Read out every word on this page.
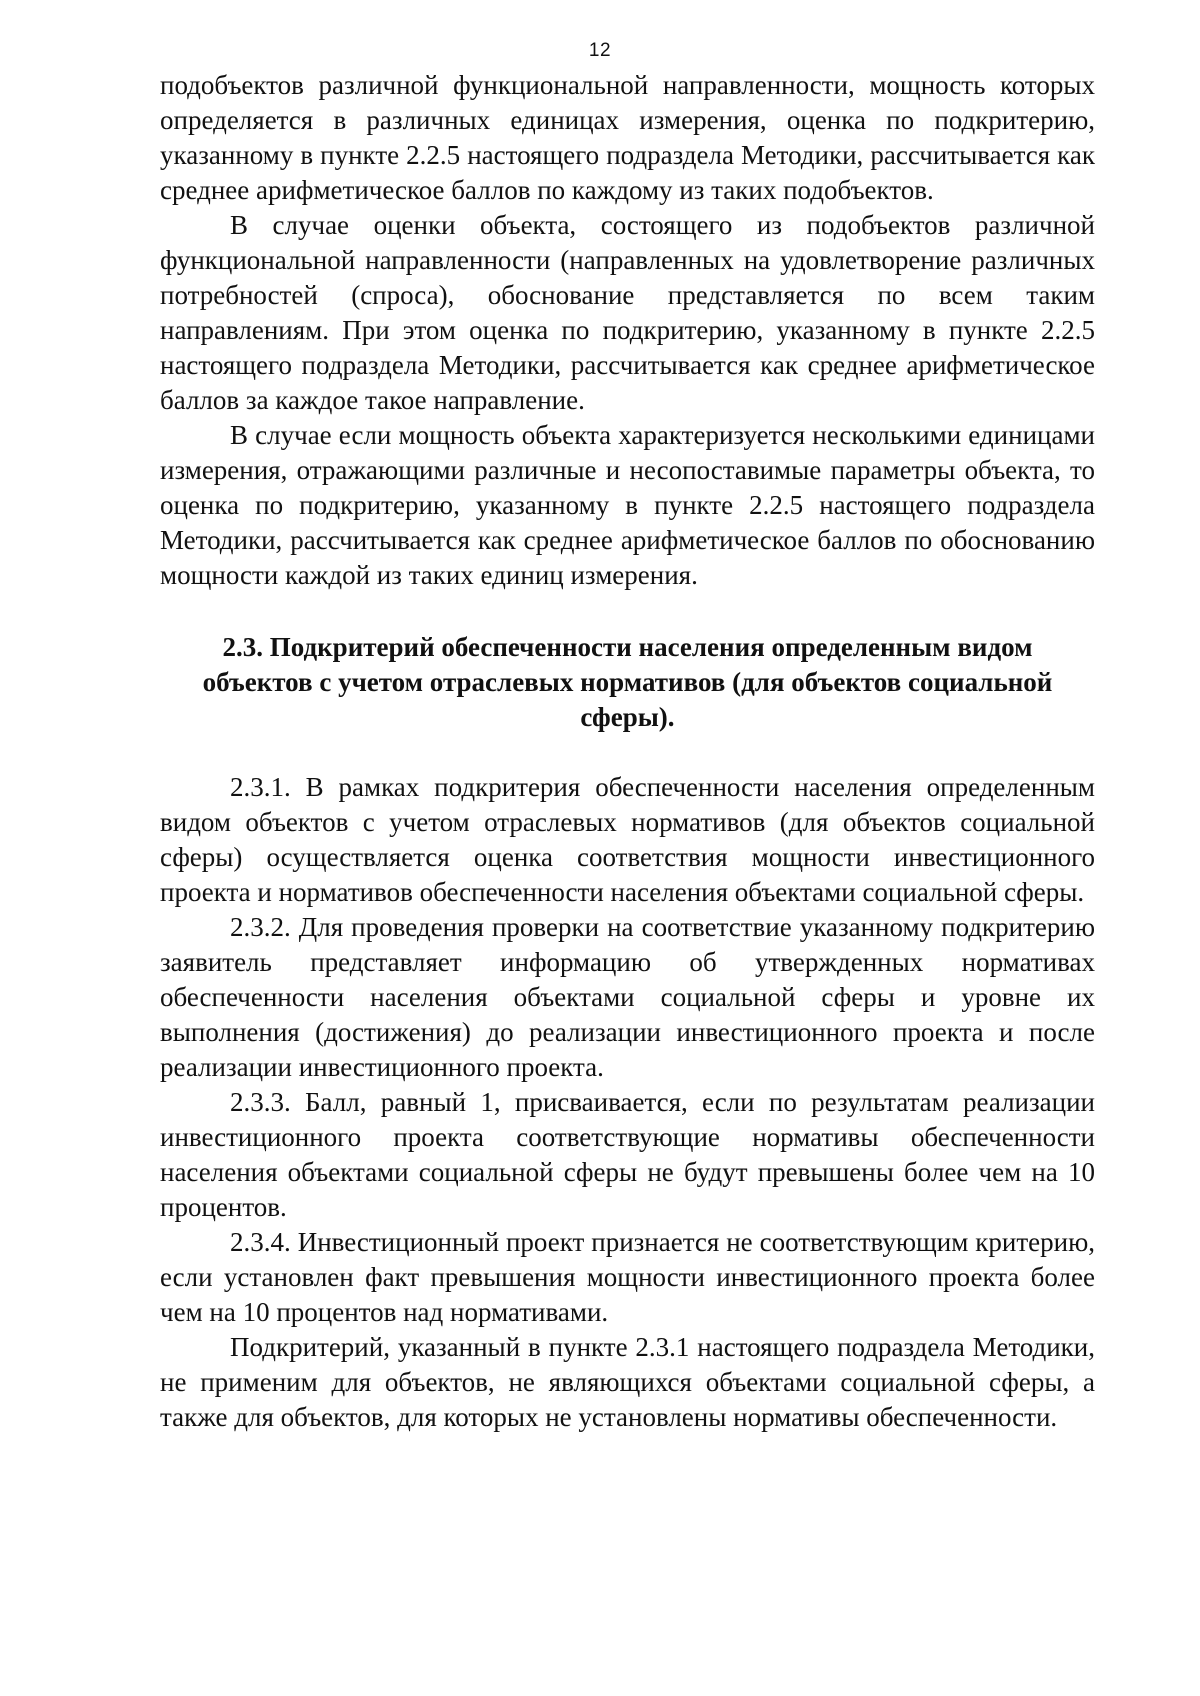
12

подобъектов различной функциональной направленности, мощность которых определяется в различных единицах измерения, оценка по подкритерию, указанному в пункте 2.2.5 настоящего подраздела Методики, рассчитывается как среднее арифметическое баллов по каждому из таких подобъектов.

В случае оценки объекта, состоящего из подобъектов различной функциональной направленности (направленных на удовлетворение различных потребностей (спроса), обоснование представляется по всем таким направлениям. При этом оценка по подкритерию, указанному в пункте 2.2.5 настоящего подраздела Методики, рассчитывается как среднее арифметическое баллов за каждое такое направление.

В случае если мощность объекта характеризуется несколькими единицами измерения, отражающими различные и несопоставимые параметры объекта, то оценка по подкритерию, указанному в пункте 2.2.5 настоящего подраздела Методики, рассчитывается как среднее арифметическое баллов по обоснованию мощности каждой из таких единиц измерения.

2.3. Подкритерий обеспеченности населения определенным видом объектов с учетом отраслевых нормативов (для объектов социальной сферы).

2.3.1. В рамках подкритерия обеспеченности населения определенным видом объектов с учетом отраслевых нормативов (для объектов социальной сферы) осуществляется оценка соответствия мощности инвестиционного проекта и нормативов обеспеченности населения объектами социальной сферы.

2.3.2. Для проведения проверки на соответствие указанному подкритерию заявитель представляет информацию об утвержденных нормативах обеспеченности населения объектами социальной сферы и уровне их выполнения (достижения) до реализации инвестиционного проекта и после реализации инвестиционного проекта.

2.3.3. Балл, равный 1, присваивается, если по результатам реализации инвестиционного проекта соответствующие нормативы обеспеченности населения объектами социальной сферы не будут превышены более чем на 10 процентов.

2.3.4. Инвестиционный проект признается не соответствующим критерию, если установлен факт превышения мощности инвестиционного проекта более чем на 10 процентов над нормативами.

Подкритерий, указанный в пункте 2.3.1 настоящего подраздела Методики, не применим для объектов, не являющихся объектами социальной сферы, а также для объектов, для которых не установлены нормативы обеспеченности.
